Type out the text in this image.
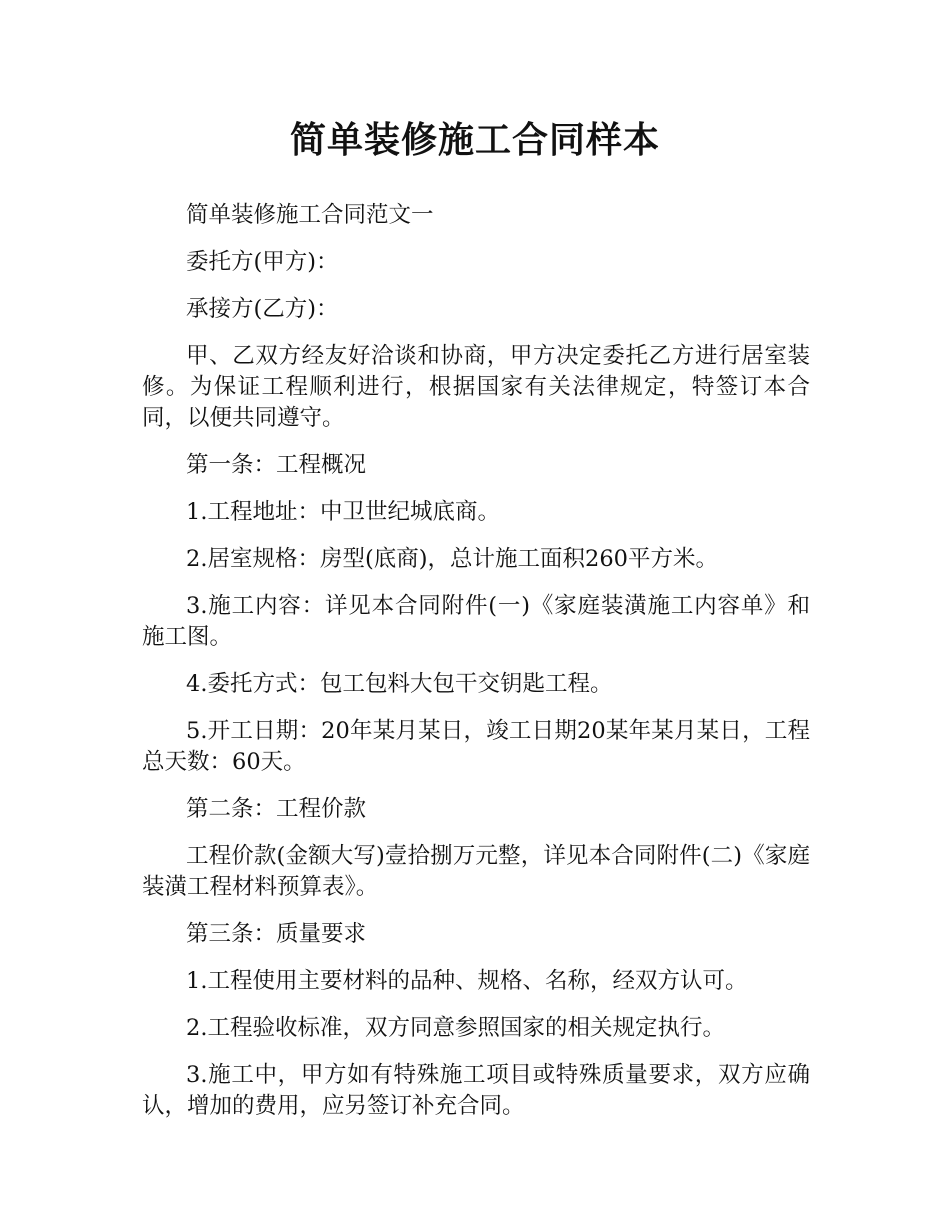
简单装修施工合同样本

简单装修施工合同范文一

委托方(甲方)：

承接方(乙方)：

甲、乙双方经友好洽谈和协商，甲方决定委托乙方进行居室装修。为保证工程顺利进行，根据国家有关法律规定，特签订本合同，以便共同遵守。

第一条：工程概况

1.工程地址：中卫世纪城底商。

2.居室规格：房型(底商)，总计施工面积260平方米。

3.施工内容：详见本合同附件(一)《家庭装潢施工内容单》和施工图。

4.委托方式：包工包料大包干交钥匙工程。

5.开工日期：20年某月某日，竣工日期20某年某月某日，工程总天数：60天。

第二条：工程价款

工程价款(金额大写)壹拾捌万元整，详见本合同附件(二)《家庭装潢工程材料预算表》。

第三条：质量要求

1.工程使用主要材料的品种、规格、名称，经双方认可。

2.工程验收标准，双方同意参照国家的相关规定执行。

3.施工中，甲方如有特殊施工项目或特殊质量要求，双方应确认，增加的费用，应另签订补充合同。
